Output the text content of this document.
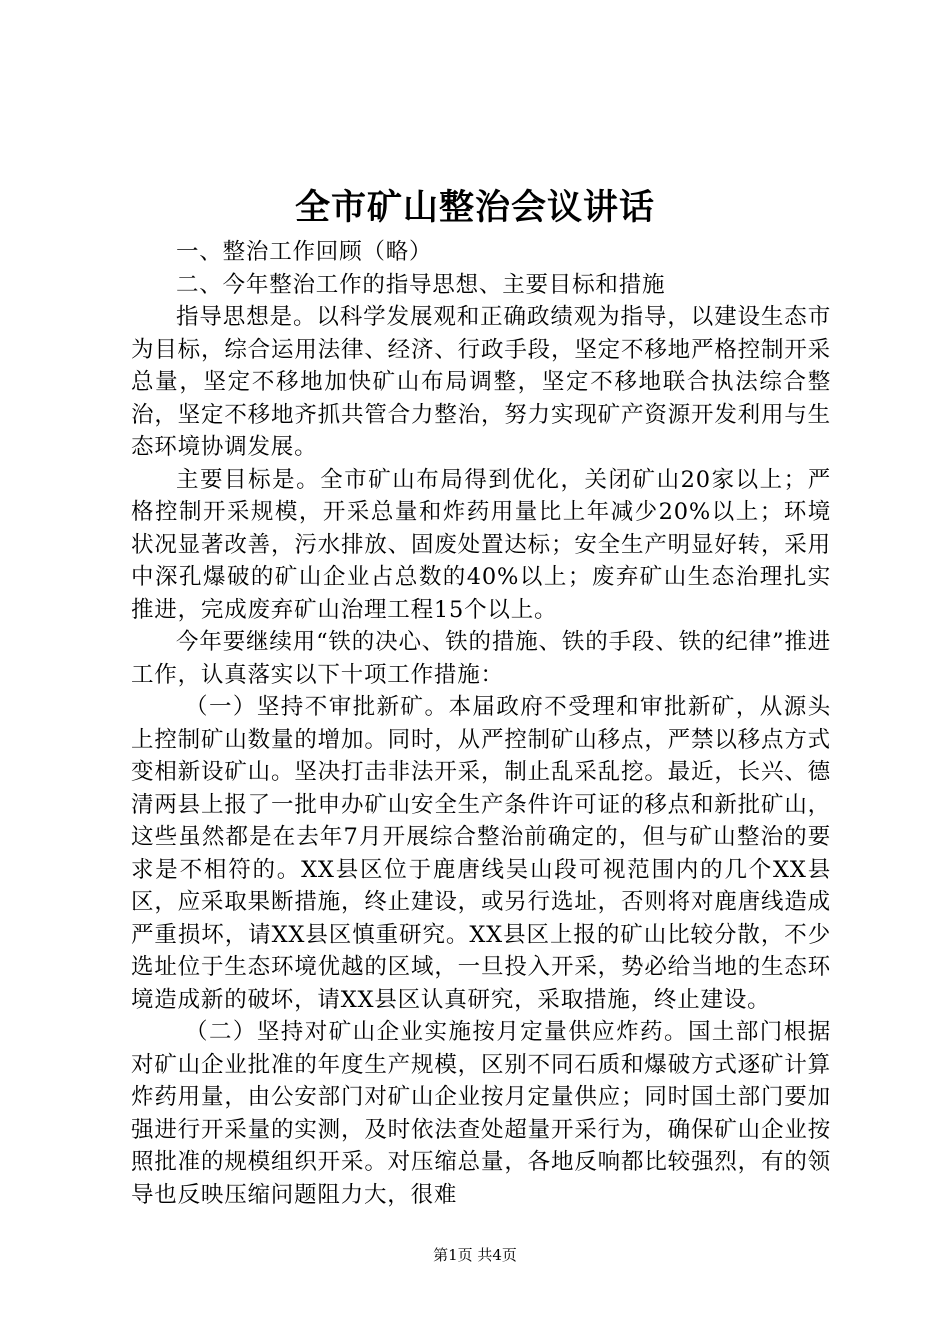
全市矿山整治会议讲话

一、整治工作回顾（略）

二、今年整治工作的指导思想、主要目标和措施

指导思想是。以科学发展观和正确政绩观为指导，以建设生态市为目标，综合运用法律、经济、行政手段，坚定不移地严格控制开采总量，坚定不移地加快矿山布局调整，坚定不移地联合执法综合整治，坚定不移地齐抓共管合力整治，努力实现矿产资源开发利用与生态环境协调发展。

主要目标是。全市矿山布局得到优化，关闭矿山20家以上；严格控制开采规模，开采总量和炸药用量比上年减少20%以上；环境状况显著改善，污水排放、固废处置达标；安全生产明显好转，采用中深孔爆破的矿山企业占总数的40%以上；废弃矿山生态治理扎实推进，完成废弃矿山治理工程15个以上。

今年要继续用“铁的决心、铁的措施、铁的手段、铁的纪律”推进工作，认真落实以下十项工作措施：

（一）坚持不审批新矿。本届政府不受理和审批新矿，从源头上控制矿山数量的增加。同时，从严控制矿山移点，严禁以移点方式变相新设矿山。坚决打击非法开采，制止乱采乱挖。最近，长兴、德清两县上报了一批申办矿山安全生产条件许可证的移点和新批矿山，这些虽然都是在去年7月开展综合整治前确定的，但与矿山整治的要求是不相符的。XX县区位于鹿唐线吴山段可视范围内的几个XX县区，应采取果断措施，终止建设，或另行选址，否则将对鹿唐线造成严重损坏，请XX县区慎重研究。XX县区上报的矿山比较分散，不少选址位于生态环境优越的区域，一旦投入开采，势必给当地的生态环境造成新的破坏，请XX县区认真研究，采取措施，终止建设。

（二）坚持对矿山企业实施按月定量供应炸药。国土部门根据对矿山企业批准的年度生产规模，区别不同石质和爆破方式逐矿计算炸药用量，由公安部门对矿山企业按月定量供应；同时国土部门要加强进行开采量的实测，及时依法查处超量开采行为，确保矿山企业按照批准的规模组织开采。对压缩总量，各地反响都比较强烈，有的领导也反映压缩问题阻力大，很难

第1页 共4页
